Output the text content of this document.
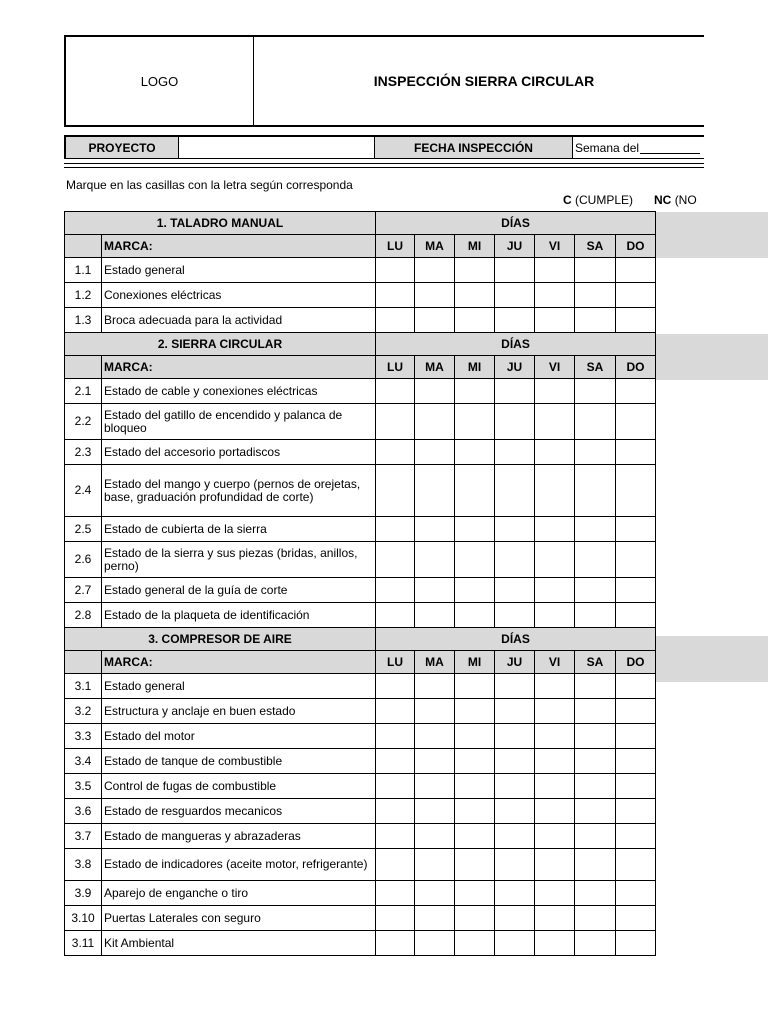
LOGO	INSPECCIÓN SIERRA CIRCULAR
PROYECTO	FECHA INSPECCIÓN	Semana del
Marque en las casillas con la letra según corresponda
C (CUMPLE) NC (NO
1. TALADRO MANUAL		DÍAS							
	MARCA:	LU	MA	MI	JU	VI	SA	DO	
1.1	Estado general								
1.2	Conexiones eléctricas								
1.3	Broca adecuada para la actividad								
2. SIERRA CIRCULAR		DÍAS							
	MARCA:	LU	MA	MI	JU	VI	SA	DO	
2.1	Estado de cable y conexiones eléctricas								
2.2	Estado del gatillo de encendido y palanca de bloqueo								
2.3	Estado del accesorio portadiscos								
2.4	Estado del mango y cuerpo (pernos de orejetas, base, graduación profundidad de corte)								
2.5	Estado de cubierta de la sierra								
2.6	Estado de la sierra y sus piezas (bridas, anillos, perno)								
2.7	Estado general de la guía de corte								
2.8	Estado de la plaqueta de identificación								
3. COMPRESOR DE AIRE		DÍAS							
	MARCA:	LU	MA	MI	JU	VI	SA	DO	
3.1	Estado general								
3.2	Estructura y anclaje en buen estado								
3.3	Estado del motor								
3.4	Estado de tanque de combustible								
3.5	Control de fugas de combustible								
3.6	Estado de resguardos mecanicos								
3.7	Estado de mangueras y abrazaderas								
3.8	Estado de indicadores (aceite motor, refrigerante)								
3.9	Aparejo de enganche o tiro								
3.10	Puertas Laterales con seguro								
3.11	Kit Ambiental								
